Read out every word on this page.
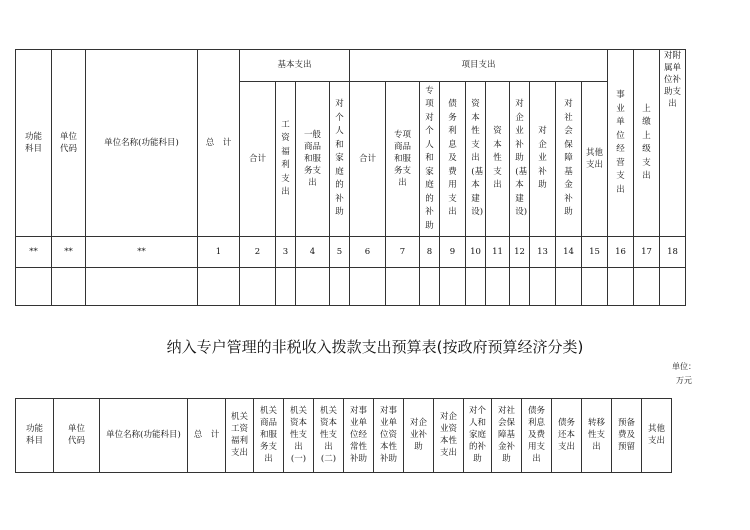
功能科目	单位代码	单位名称(功能科目)	总　计	基本支出				项目支出										事业单位经营支出	上缴上级支出	对附属单位补助支出
				合计	工资福利支出	一般商品和服务支出	对个人和家庭的补助	合计	专项商品和服务支出	专项对个人和家庭的补助	债务利息及费用支出	资本性支出(基本建设)	资本性支出	对企业补助(基本建设)	对企业补助	对社会保障基金补助	其他支出			
**	**	**	1	2	3	4	5	6	7	8	9	10	11	12	13	14	15	16	17	18

纳入专户管理的非税收入拨款支出预算表(按政府预算经济分类)
单位：万元
功能科目	单位代码	单位名称(功能科目)	总　计	机关工资福利支出	机关商品和服务支出	机关资本性支出(一)	机关资本性支出(二)	对事业单位经常性补助	对事业单位资本性补助	对企业补助	对企业资本性支出	对个人和家庭的补助	对社会保障基金补助	债务利息及费用支出	债务还本支出	转移性支出	预备费及预留	其他支出
